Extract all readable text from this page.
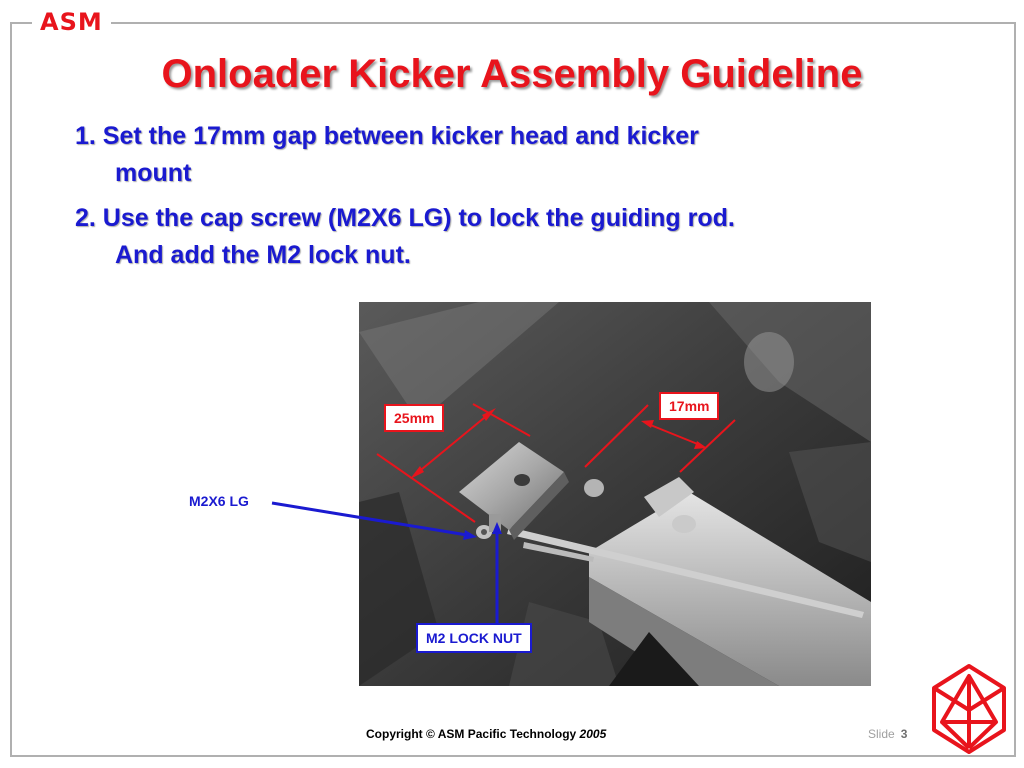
ASM
Onloader Kicker Assembly Guideline
1. Set the 17mm gap between kicker head and kicker
mount
2. Use the cap screw (M2X6 LG) to lock the guiding rod.
And add the M2 lock nut.
25mm
17mm
M2X6 LG
M2 LOCK NUT
Copyright © ASM Pacific Technology 2005	Slide 3
